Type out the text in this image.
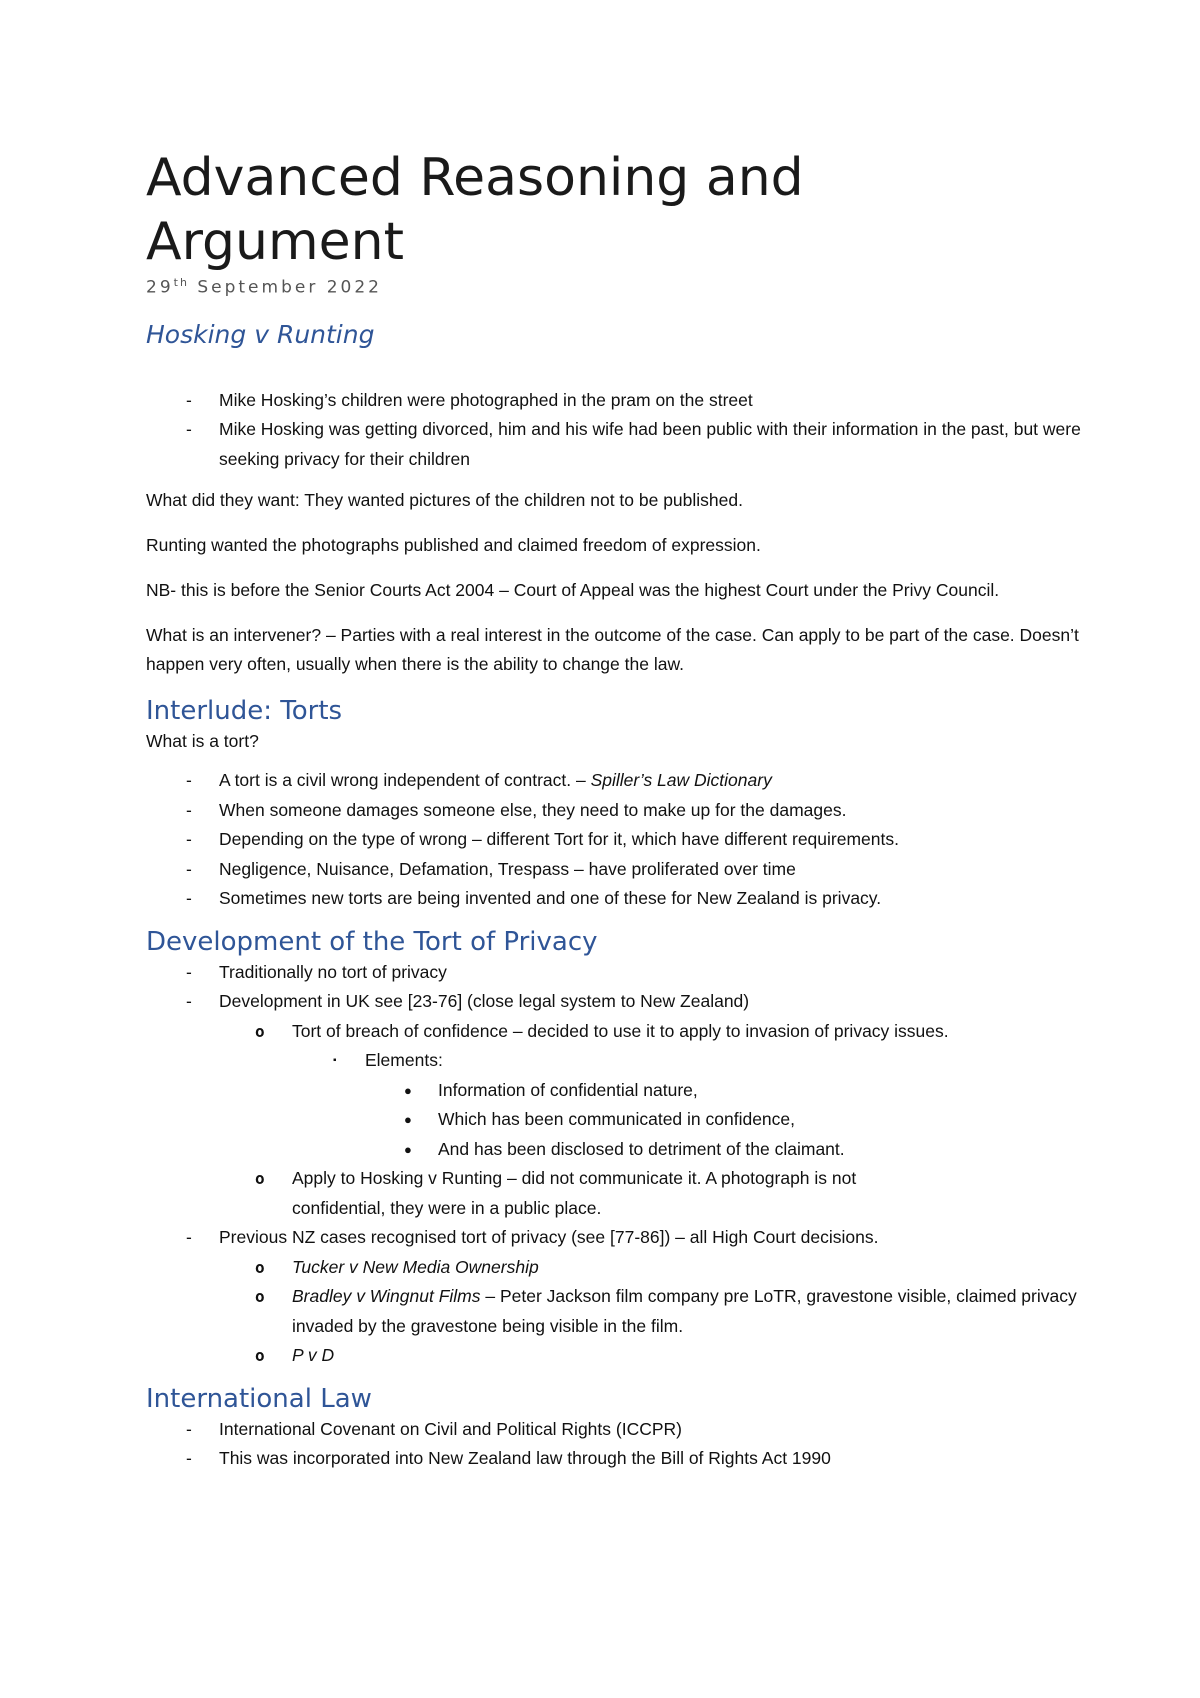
Advanced Reasoning and
Argument
29th September 2022
Hosking v Runting
- Mike Hosking’s children were photographed in the pram on the street
- Mike Hosking was getting divorced, him and his wife had been public with their information in the past, but were seeking privacy for their children

What did they want: They wanted pictures of the children not to be published.

Runting wanted the photographs published and claimed freedom of expression.

NB- this is before the Senior Courts Act 2004 – Court of Appeal was the highest Court under the Privy Council.

What is an intervener? – Parties with a real interest in the outcome of the case. Can apply to be part of the case. Doesn’t happen very often, usually when there is the ability to change the law.

Interlude: Torts

What is a tort?

- A tort is a civil wrong independent of contract. – Spiller’s Law Dictionary
- When someone damages someone else, they need to make up for the damages.
- Depending on the type of wrong – different Tort for it, which have different requirements.
- Negligence, Nuisance, Defamation, Trespass – have proliferated over time
- Sometimes new torts are being invented and one of these for New Zealand is privacy.
Development of the Tort of Privacy
- Traditionally no tort of privacy
- Development in UK see [23-76] (close legal system to New Zealand)
o Tort of breach of confidence – decided to use it to apply to invasion of privacy issues.
▪ Elements:
● Information of confidential nature,
● Which has been communicated in confidence,
● And has been disclosed to detriment of the claimant.
o Apply to Hosking v Runting – did not communicate it. A photograph is not confidential, they were in a public place.
- Previous NZ cases recognised tort of privacy (see [77-86]) – all High Court decisions.
o Tucker v New Media Ownership
o Bradley v Wingnut Films – Peter Jackson film company pre LoTR, gravestone visible, claimed privacy invaded by the gravestone being visible in the film.
o P v D
International Law
- International Covenant on Civil and Political Rights (ICCPR)
- This was incorporated into New Zealand law through the Bill of Rights Act 1990
